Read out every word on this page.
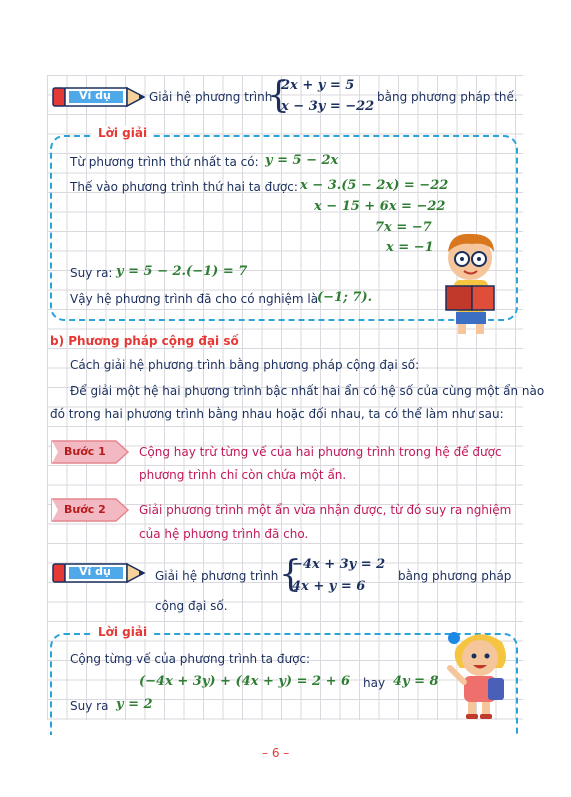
Ví dụ	Giải hệ phương trình
{
2x + y = 5
x − 3y = −22
bằng phương pháp thế.
Lời giải
Từ phương trình thứ nhất ta có: y = 5 − 2x
Thế vào phương trình thứ hai ta được: x − 3.(5 − 2x) = −22
x − 15 + 6x = −22
7x = −7
x = −1
Suy ra: y = 5 − 2.(−1) = 7
Vậy hệ phương trình đã cho có nghiệm là
(−1; 7).
b) Phương pháp cộng đại số
Cách giải hệ phương trình bằng phương pháp cộng đại số:
Để giải một hệ hai phương trình bậc nhất hai ẩn có hệ số của cùng một ẩn nào
đó trong hai phương trình bằng nhau hoặc đối nhau, ta có thể làm như sau:
Bước 1	Cộng hay trừ từng vế của hai phương trình trong hệ để được
phương trình chỉ còn chứa một ẩn.
Bước 2	Giải phương trình một ẩn vừa nhận được, từ đó suy ra nghiệm
của hệ phương trình đã cho.
Ví dụ	Giải hệ phương trình {
−4x + 3y = 2
4x + y = 6
bằng phương pháp
cộng đại số.
Lời giải
Cộng từng vế của phương trình ta được:
(−4x + 3y) + (4x + y) = 2 + 6 hay 4y = 8
Suy ra y = 2
– 6 –
